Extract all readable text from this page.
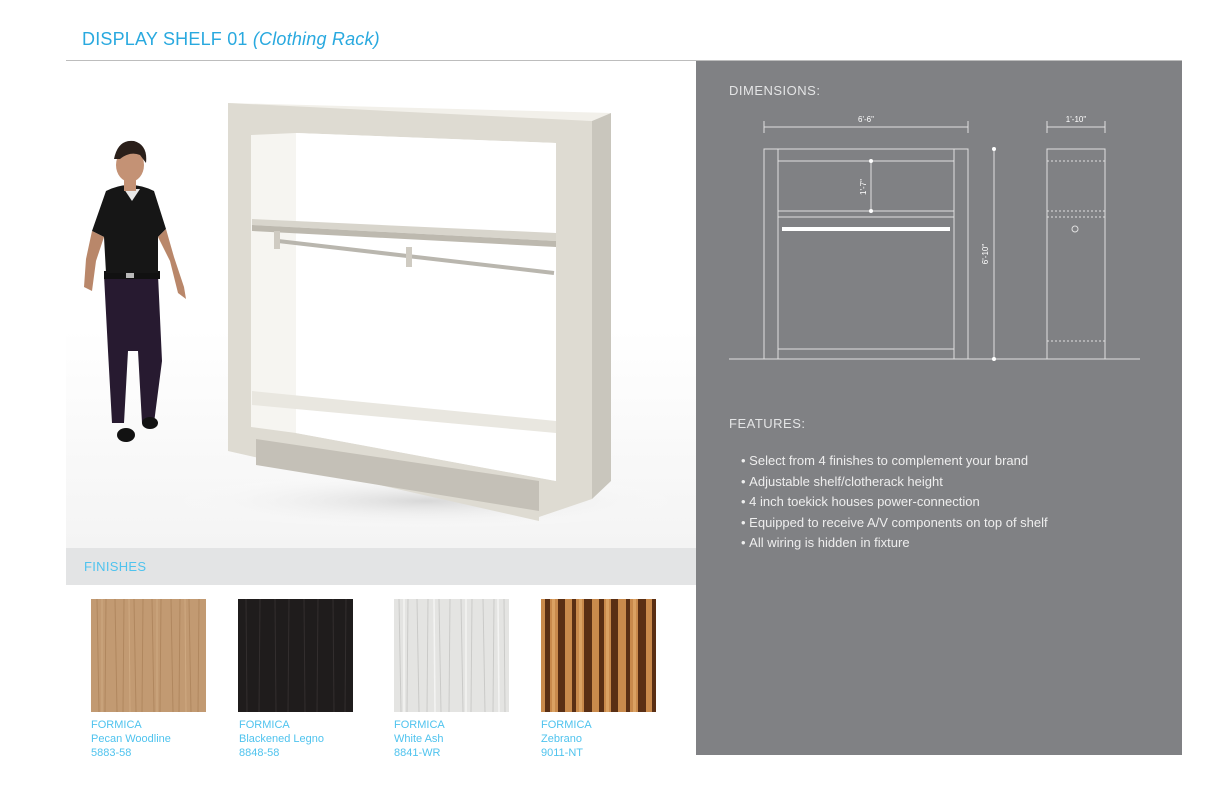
DISPLAY SHELF 01 (Clothing Rack)
FINISHES
FORMICA
Pecan Woodline
5883-58
FORMICA
Blackened Legno
8848-58
FORMICA
White Ash
8841-WR
FORMICA
Zebrano
9011-NT
DIMENSIONS:
6'-6"	1'-10"
1'-7"
6'-10"
FEATURES:
• Select from 4 finishes to complement your brand
• Adjustable shelf/clotherack height
• 4 inch toekick houses power-connection
• Equipped to receive A/V components on top of shelf
• All wiring is hidden in fixture
